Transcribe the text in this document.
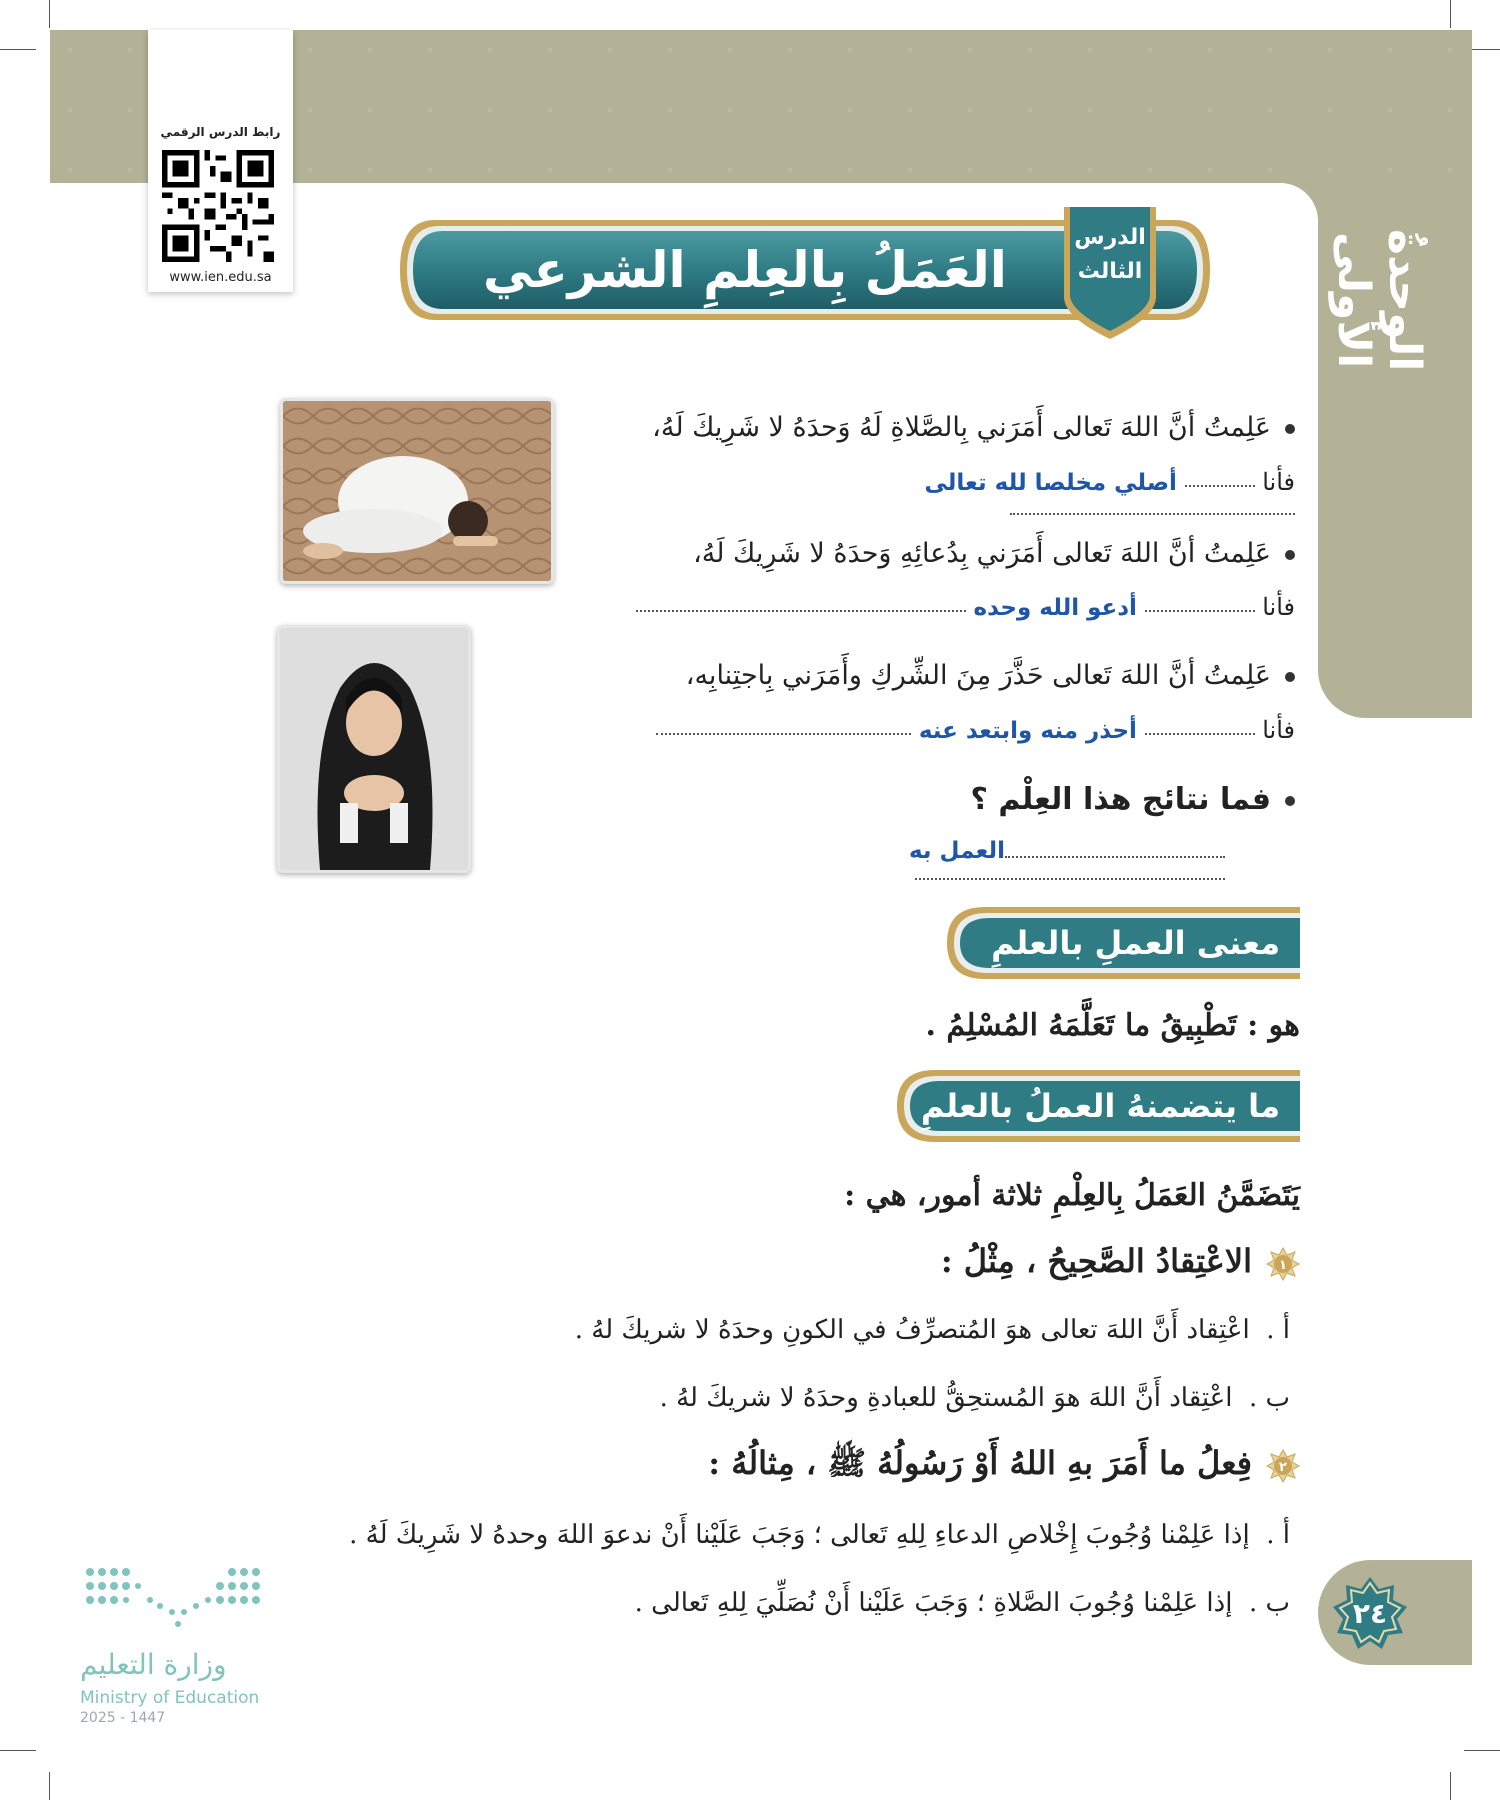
الوحدةُ الأُولى
رابط الدرس الرقمي
www.ien.edu.sa	العَمَلُ بِالعِلمِ الشرعي
الدرس
الثالث
عَلِمتُ أنَّ اللهَ تَعالى أَمَرَني بِالصَّلاةِ لَهُ وَحدَهُ لا شَرِيكَ لَهُ،
فأنا  أصلي مخلصا لله تعالى
عَلِمتُ أنَّ اللهَ تَعالى أَمَرَني بِدُعائِهِ وَحدَهُ لا شَرِيكَ لَهُ،
فأنا  أدعو الله وحده
عَلِمتُ أنَّ اللهَ تَعالى حَذَّرَ مِنَ الشِّركِ وأَمَرَني بِاجتِنابِه،
فأنا  أحذر منه وابتعد عنه
فما نتائج هذا العِلْم ؟
العمل به
معنى العملِ بالعلمِ
هو : تَطْبِيقُ ما تَعَلَّمَهُ المُسْلِمُ .
ما يتضمنهُ العملُ بالعلمِ
يَتَضَمَّنُ العَمَلُ بِالعِلْمِ ثلاثة أمور، هي :
١
الاعْتِقادُ الصَّحِيحُ ، مِثْلُ :
أ .  اعْتِقاد أَنَّ اللهَ تعالى هوَ المُتصرِّفُ في الكونِ وحدَهُ لا شريكَ لهُ .
ب .  اعْتِقاد أَنَّ اللهَ هوَ المُستحِقُّ للعبادةِ وحدَهُ لا شريكَ لهُ .
٢
فِعلُ ما أَمَرَ بهِ اللهُ أَوْ رَسُولُهُ ﷺ ، مِثالُهُ :
أ .  إذا عَلِمْنا وُجُوبَ إِخْلاصِ الدعاءِ لِلهِ تَعالى ؛ وَجَبَ عَلَيْنا أَنْ ندعوَ اللهَ وحدهُ لا شَرِيكَ لَهُ .
ب .  إذا عَلِمْنا وُجُوبَ الصَّلاةِ ؛ وَجَبَ عَلَيْنا أَنْ نُصَلِّيَ لِلهِ تَعالى .	٢٤
وزارة التعليم
Ministry of Education
2025 - 1447
